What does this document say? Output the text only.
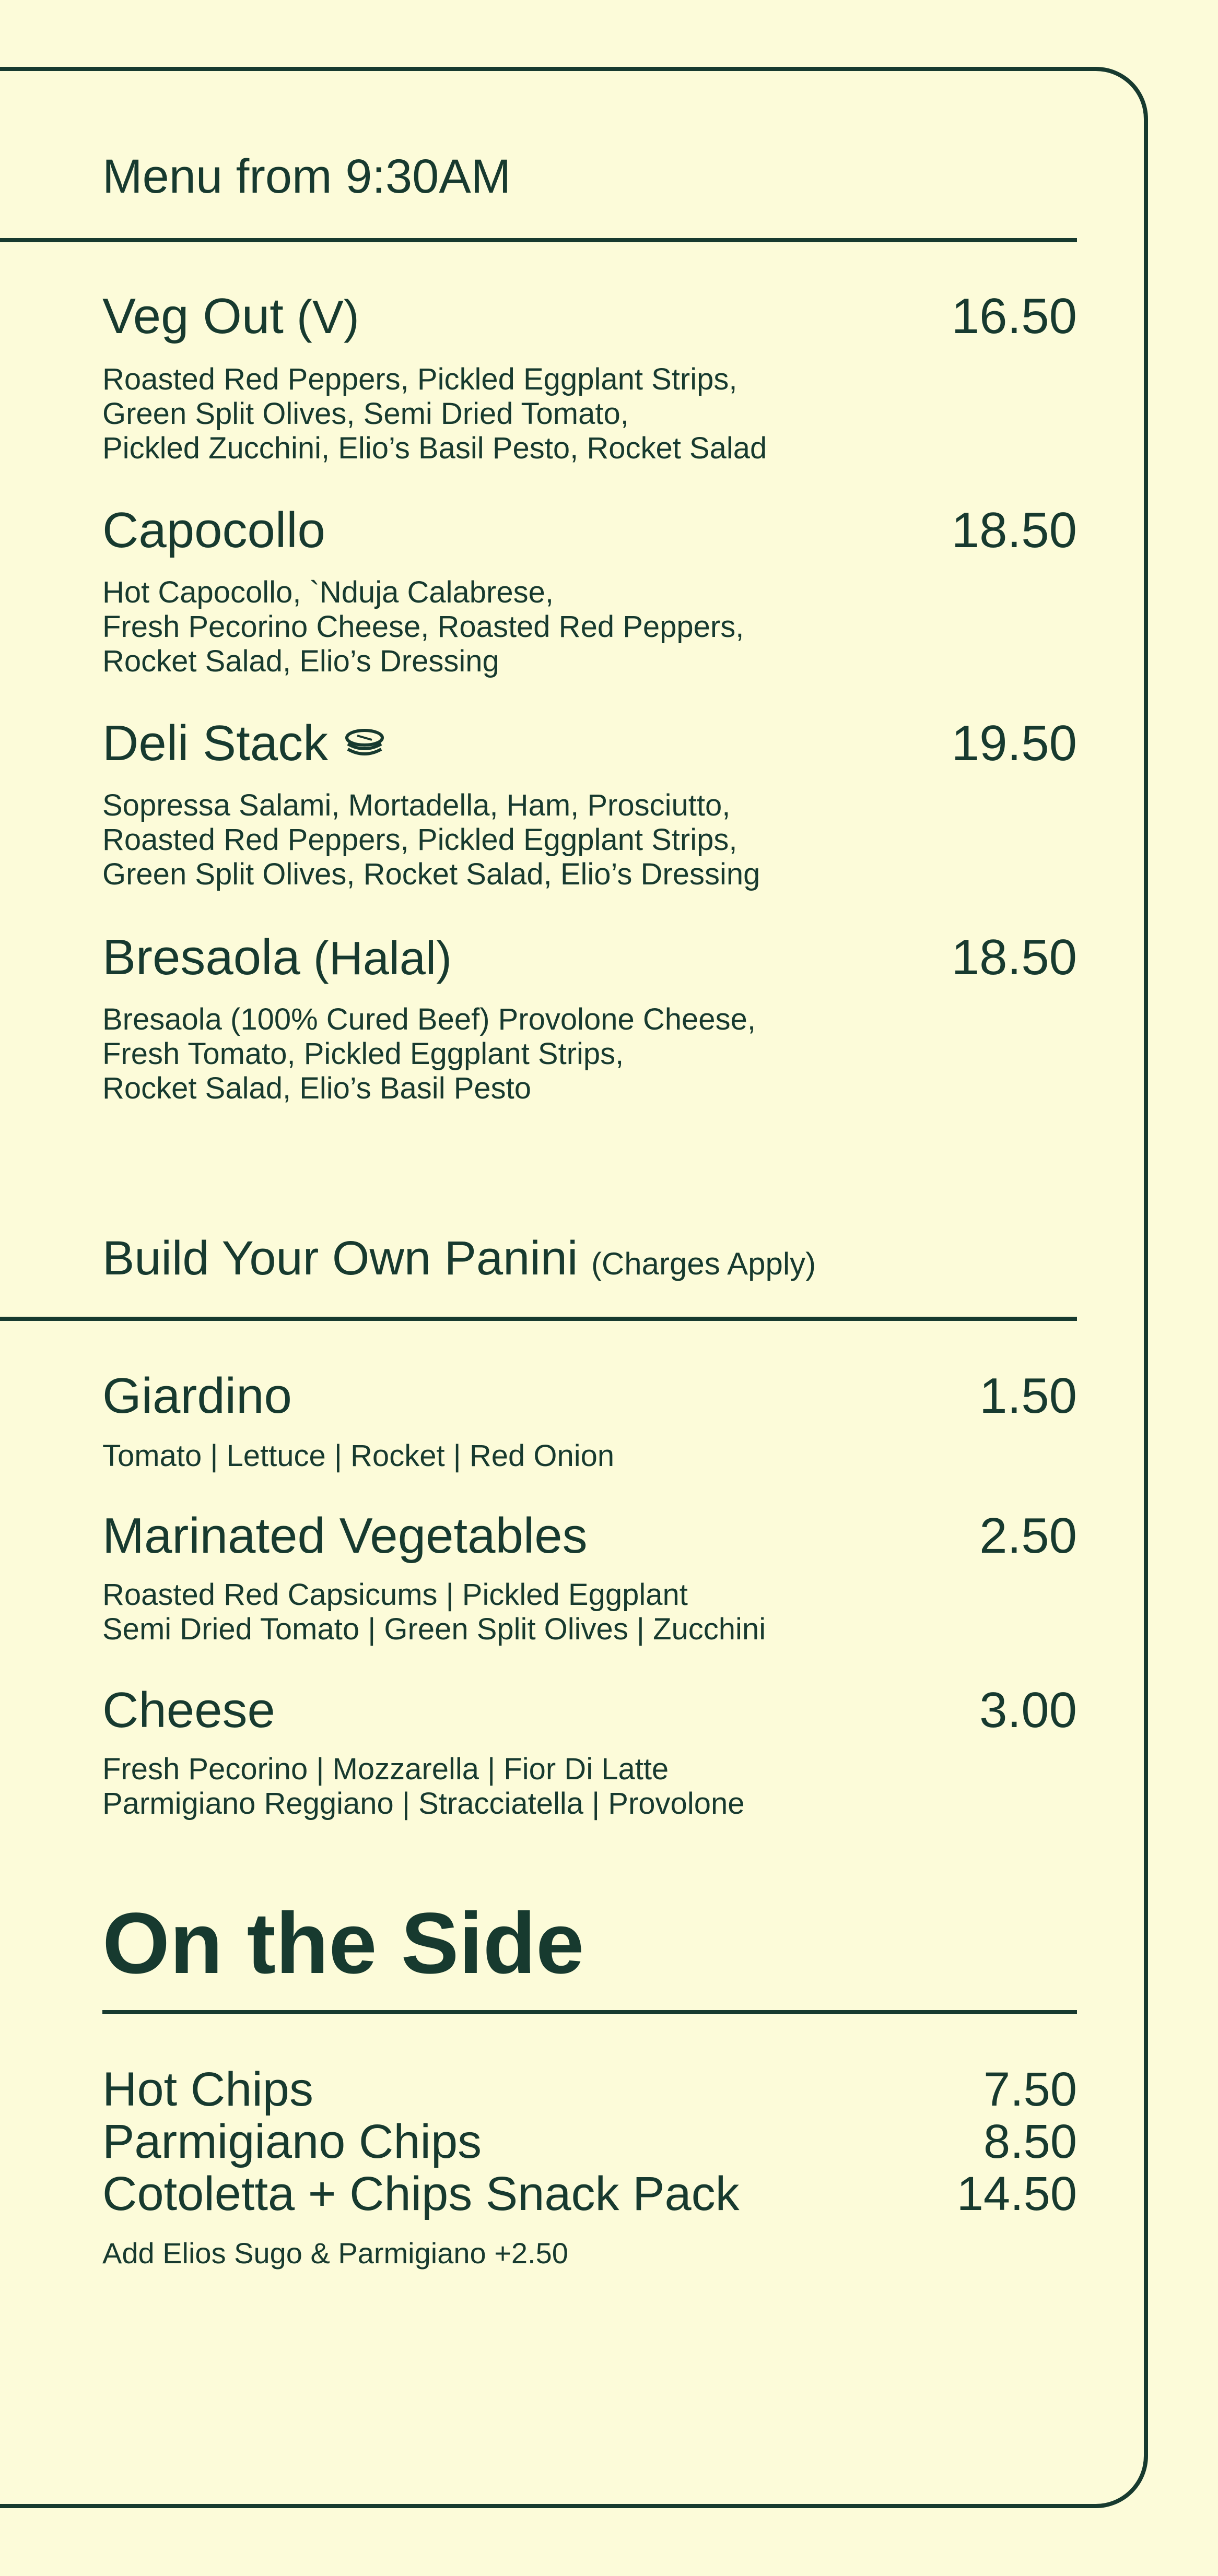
Menu from 9:30AM
Veg Out (V)	16.50
Roasted Red Peppers, Pickled Eggplant Strips,
Green Split Olives, Semi Dried Tomato,
Pickled Zucchini, Elio’s Basil Pesto, Rocket Salad
Capocollo	18.50
Hot Capocollo, `Nduja Calabrese,
Fresh Pecorino Cheese, Roasted Red Peppers,
Rocket Salad, Elio’s Dressing
Deli Stack	19.50
Sopressa Salami, Mortadella, Ham, Prosciutto,
Roasted Red Peppers, Pickled Eggplant Strips,
Green Split Olives, Rocket Salad, Elio’s Dressing
Bresaola (Halal)	18.50
Bresaola (100% Cured Beef) Provolone Cheese,
Fresh Tomato, Pickled Eggplant Strips,
Rocket Salad, Elio’s Basil Pesto
Build Your Own Panini (Charges Apply)
Giardino	1.50
Tomato | Lettuce | Rocket | Red Onion
Marinated Vegetables	2.50
Roasted Red Capsicums | Pickled Eggplant
Semi Dried Tomato | Green Split Olives | Zucchini
Cheese	3.00
Fresh Pecorino | Mozzarella | Fior Di Latte
Parmigiano Reggiano | Stracciatella | Provolone
On the Side
Hot Chips	7.50
Parmigiano Chips	8.50
Cotoletta + Chips Snack Pack	14.50
Add Elios Sugo & Parmigiano +2.50
